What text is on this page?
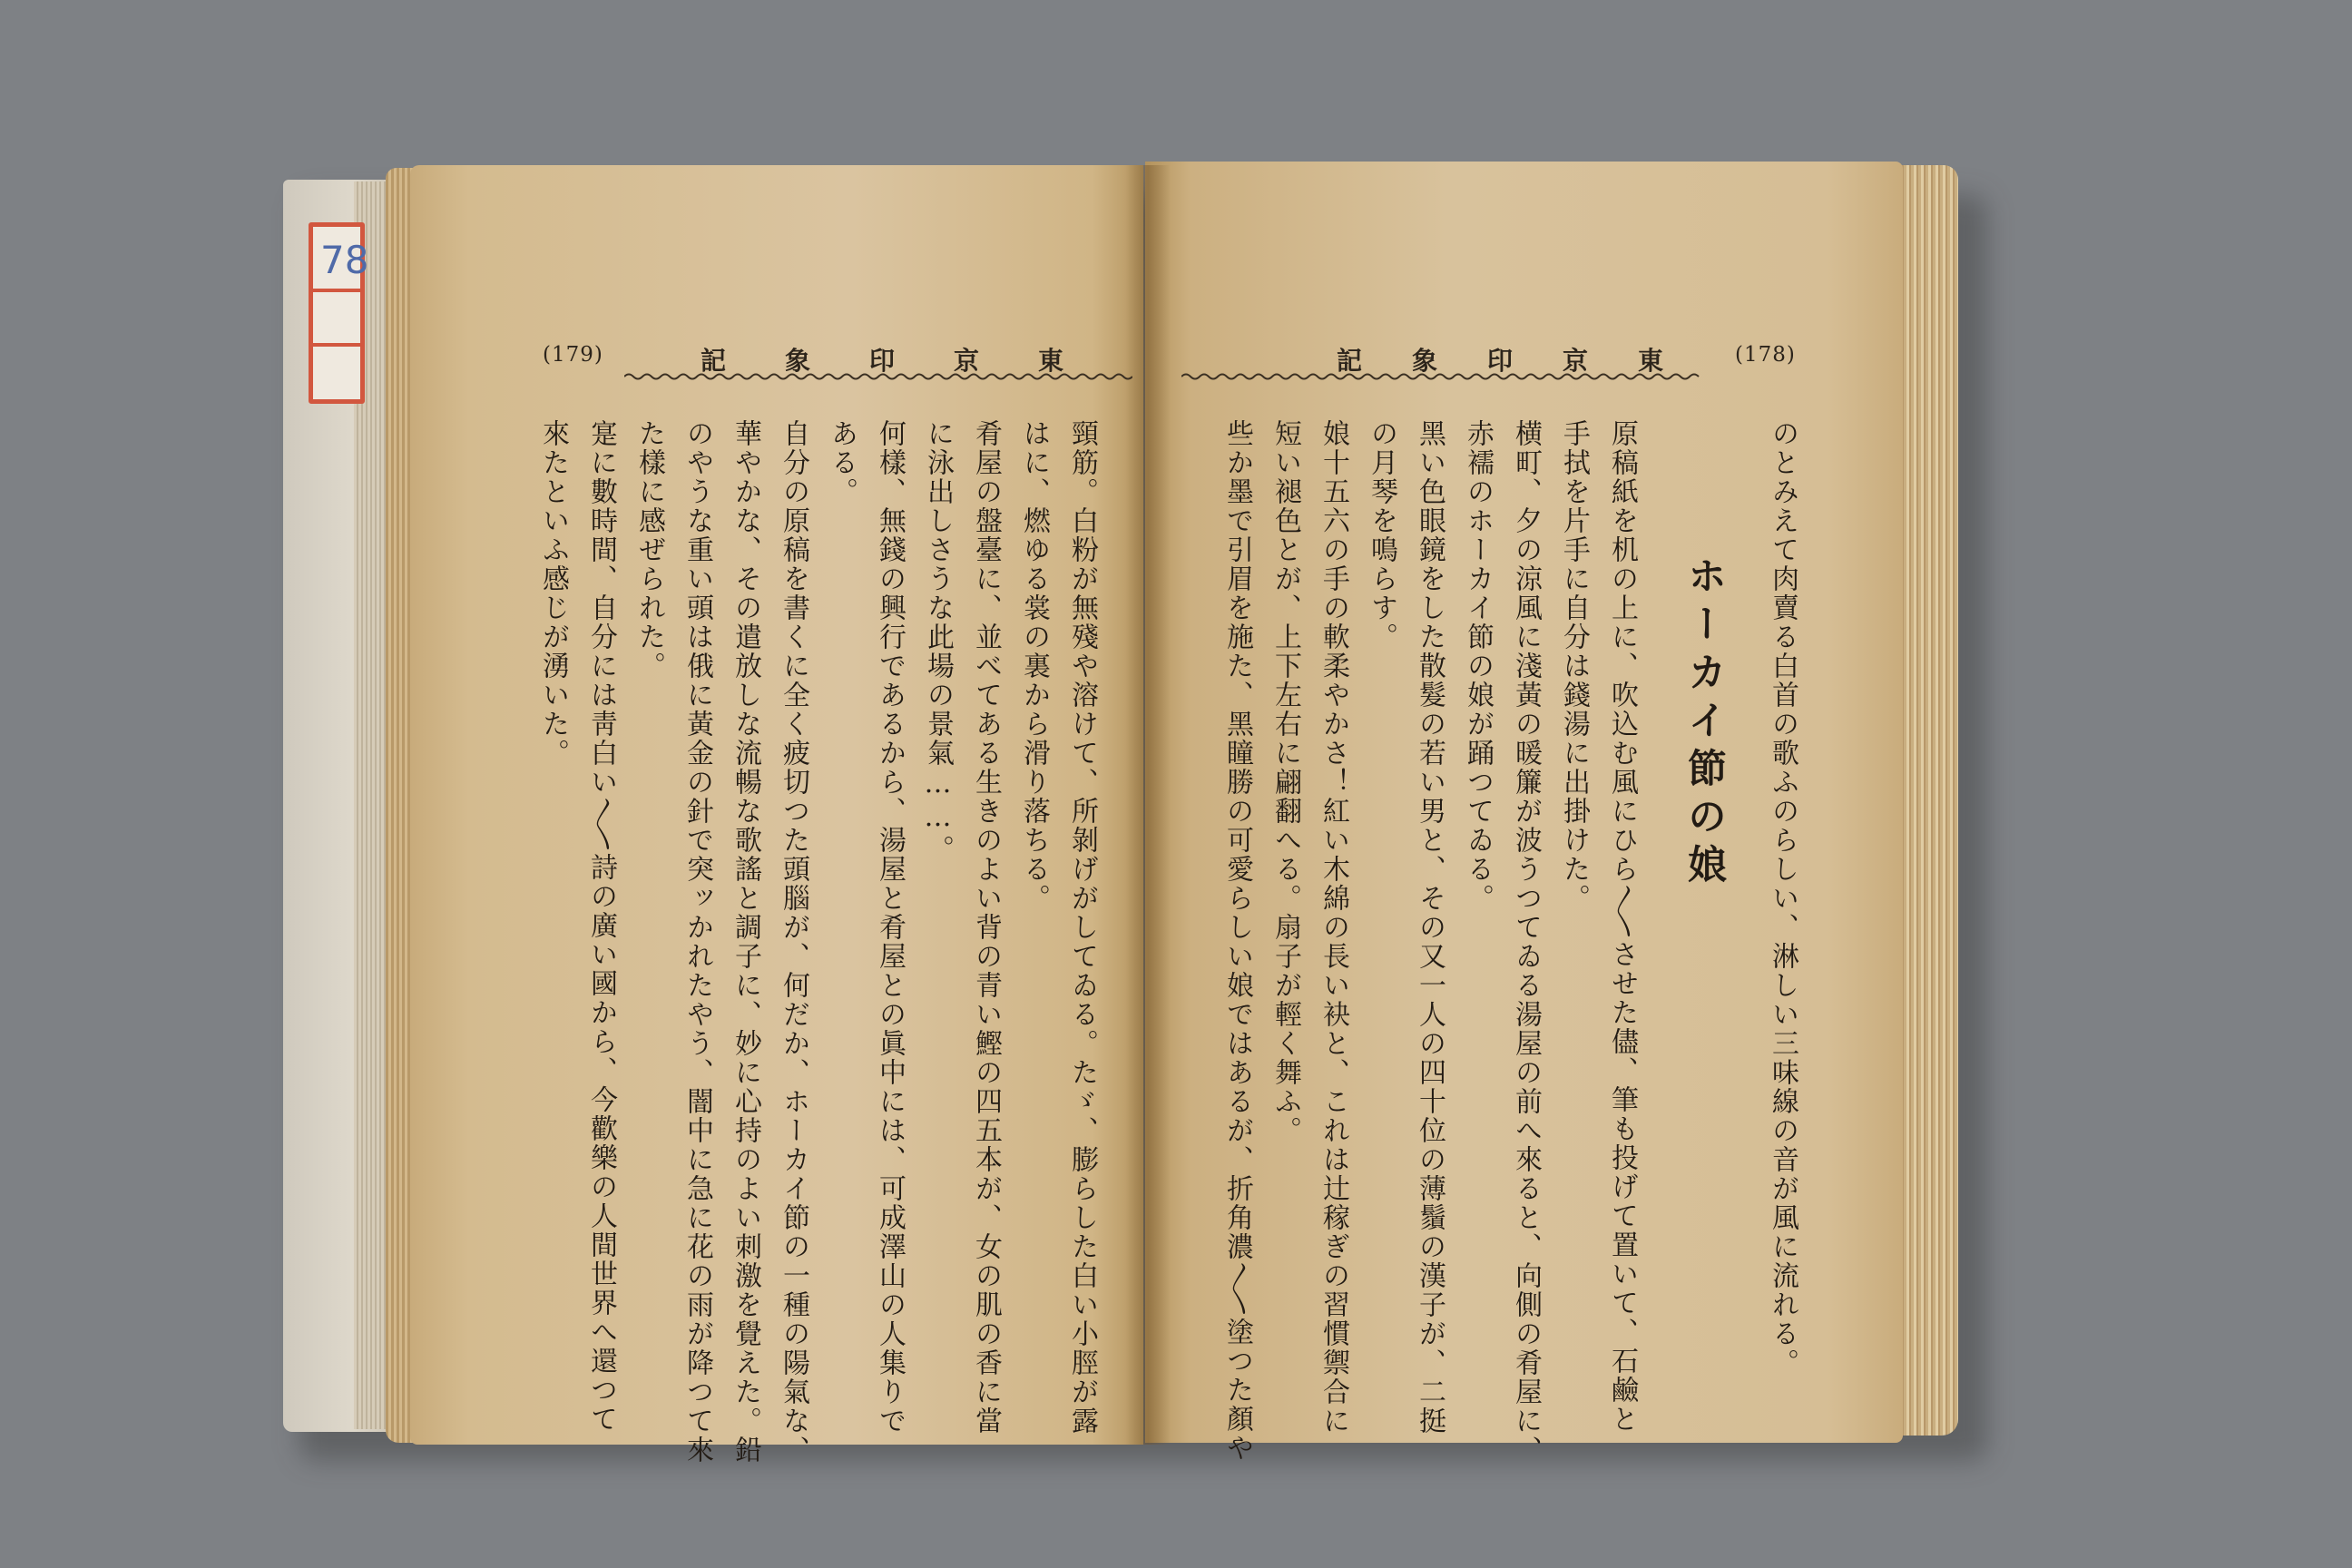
78
(179)	記 象 印 京 東	記 象 印 京 東	(178)
頸筋。白粉が無殘や溶けて、所剝げがしてゐる。たゞ、膨らした白い小脛が露
はに、燃ゆる裳の裏から滑り落ちる。
肴屋の盤臺に、並べてある生きのよい背の青い鰹の四五本が、女の肌の香に當
に泳出しさうな此場の景氣……。
何樣、無錢の興行であるから、湯屋と肴屋との眞中には、可成澤山の人集りで
ある。
自分の原稿を書くに全く疲切つた頭腦が、何だか、ホーカイ節の一種の陽氣な、
華やかな、その遣放しな流暢な歌謠と調子に、妙に心持のよい刺激を覺えた。鉛
のやうな重い頭は俄に黃金の針で突ッかれたやう、闇中に急に花の雨が降つて來
た樣に感ぜられた。
寔に數時間、自分には靑白い〳〵詩の廣い國から、今歡樂の人間世界へ還つて
來たといふ感じが湧いた。	のとみえて肉賣る白首の歌ふのらしい、淋しい三味線の音が風に流れる。
ホーカイ節の娘
原稿紙を机の上に、吹込む風にひら〳〵させた儘、筆も投げて置いて、石鹼と
手拭を片手に自分は錢湯に出掛けた。
横町、夕の涼風に淺黃の暖簾が波うつてゐる湯屋の前へ來ると、向側の肴屋に、
赤襦のホーカイ節の娘が踊つてゐる。
黑い色眼鏡をした散髮の若い男と、その又一人の四十位の薄鬚の漢子が、二挺
の月琴を鳴らす。
娘十五六の手の軟柔やかさ！紅い木綿の長い袂と、これは辻稼ぎの習慣禦合に
短い褪色とが、上下左右に翩翻へる。扇子が輕く舞ふ。
些か墨で引眉を施た、黑瞳勝の可愛らしい娘ではあるが、折角濃〳〵塗つた顏や
